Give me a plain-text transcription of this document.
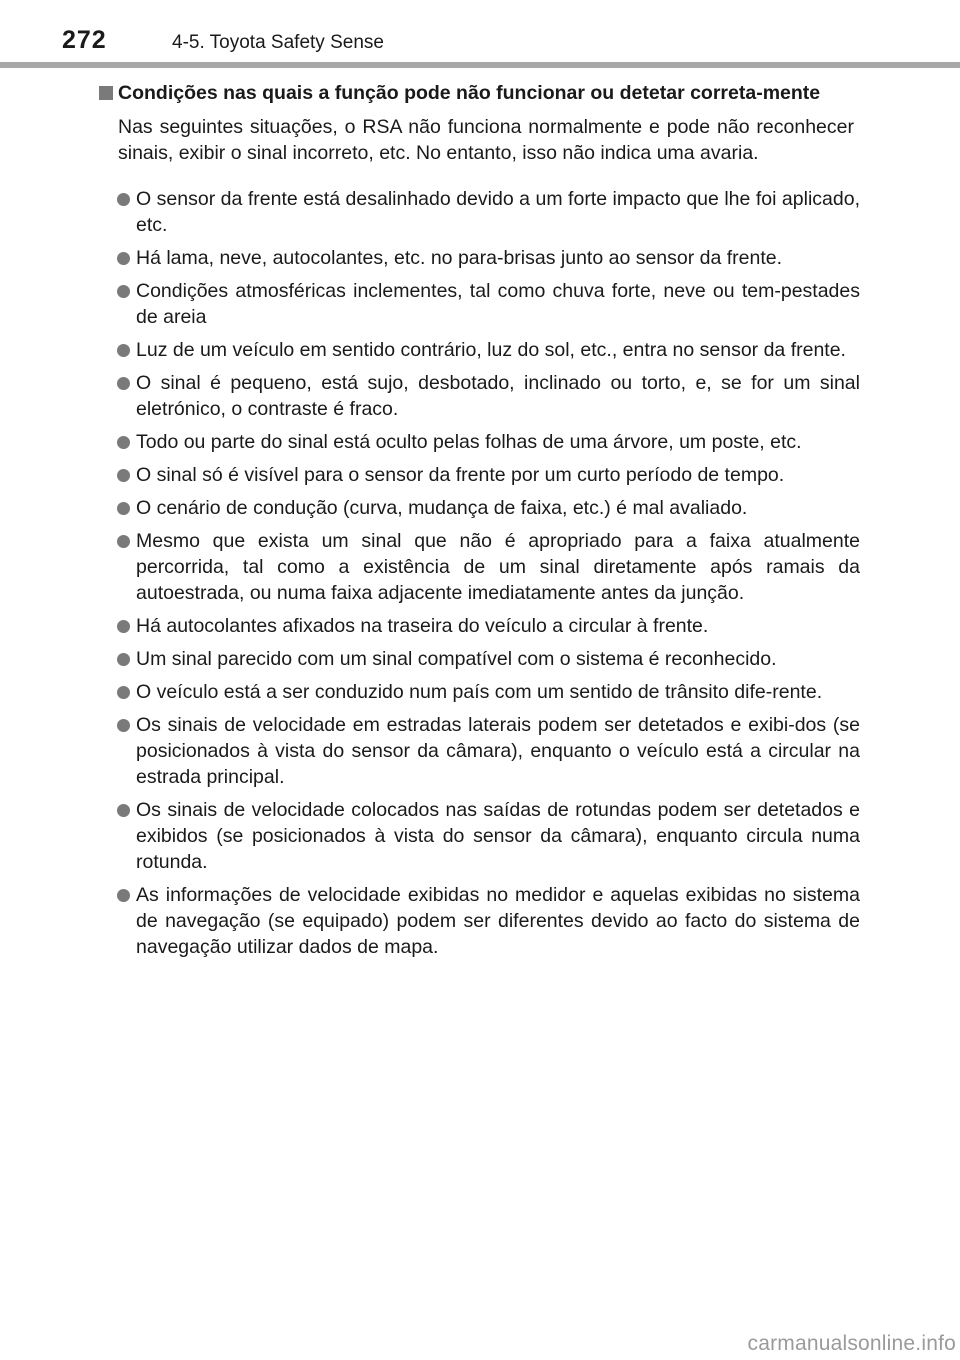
272	4-5. Toyota Safety Sense
Condições nas quais a função pode não funcionar ou detetar correta-mente

Nas seguintes situações, o RSA não funciona normalmente e pode não reconhecer sinais, exibir o sinal incorreto, etc. No entanto, isso não indica uma avaria.

O sensor da frente está desalinhado devido a um forte impacto que lhe foi aplicado, etc.
Há lama, neve, autocolantes, etc. no para-brisas junto ao sensor da frente.
Condições atmosféricas inclementes, tal como chuva forte, neve ou tem-pestades de areia
Luz de um veículo em sentido contrário, luz do sol, etc., entra no sensor da frente.
O sinal é pequeno, está sujo, desbotado, inclinado ou torto, e, se for um sinal eletrónico, o contraste é fraco.
Todo ou parte do sinal está oculto pelas folhas de uma árvore, um poste, etc.
O sinal só é visível para o sensor da frente por um curto período de tempo.
O cenário de condução (curva, mudança de faixa, etc.) é mal avaliado.
Mesmo que exista um sinal que não é apropriado para a faixa atualmente percorrida, tal como a existência de um sinal diretamente após ramais da autoestrada, ou numa faixa adjacente imediatamente antes da junção.
Há autocolantes afixados na traseira do veículo a circular à frente.
Um sinal parecido com um sinal compatível com o sistema é reconhecido.
O veículo está a ser conduzido num país com um sentido de trânsito dife-rente.
Os sinais de velocidade em estradas laterais podem ser detetados e exibi-dos (se posicionados à vista do sensor da câmara), enquanto o veículo está a circular na estrada principal.
Os sinais de velocidade colocados nas saídas de rotundas podem ser detetados e exibidos (se posicionados à vista do sensor da câmara), enquanto circula numa rotunda.
As informações de velocidade exibidas no medidor e aquelas exibidas no sistema de navegação (se equipado) podem ser diferentes devido ao facto do sistema de navegação utilizar dados de mapa.
carmanualsonline.info
